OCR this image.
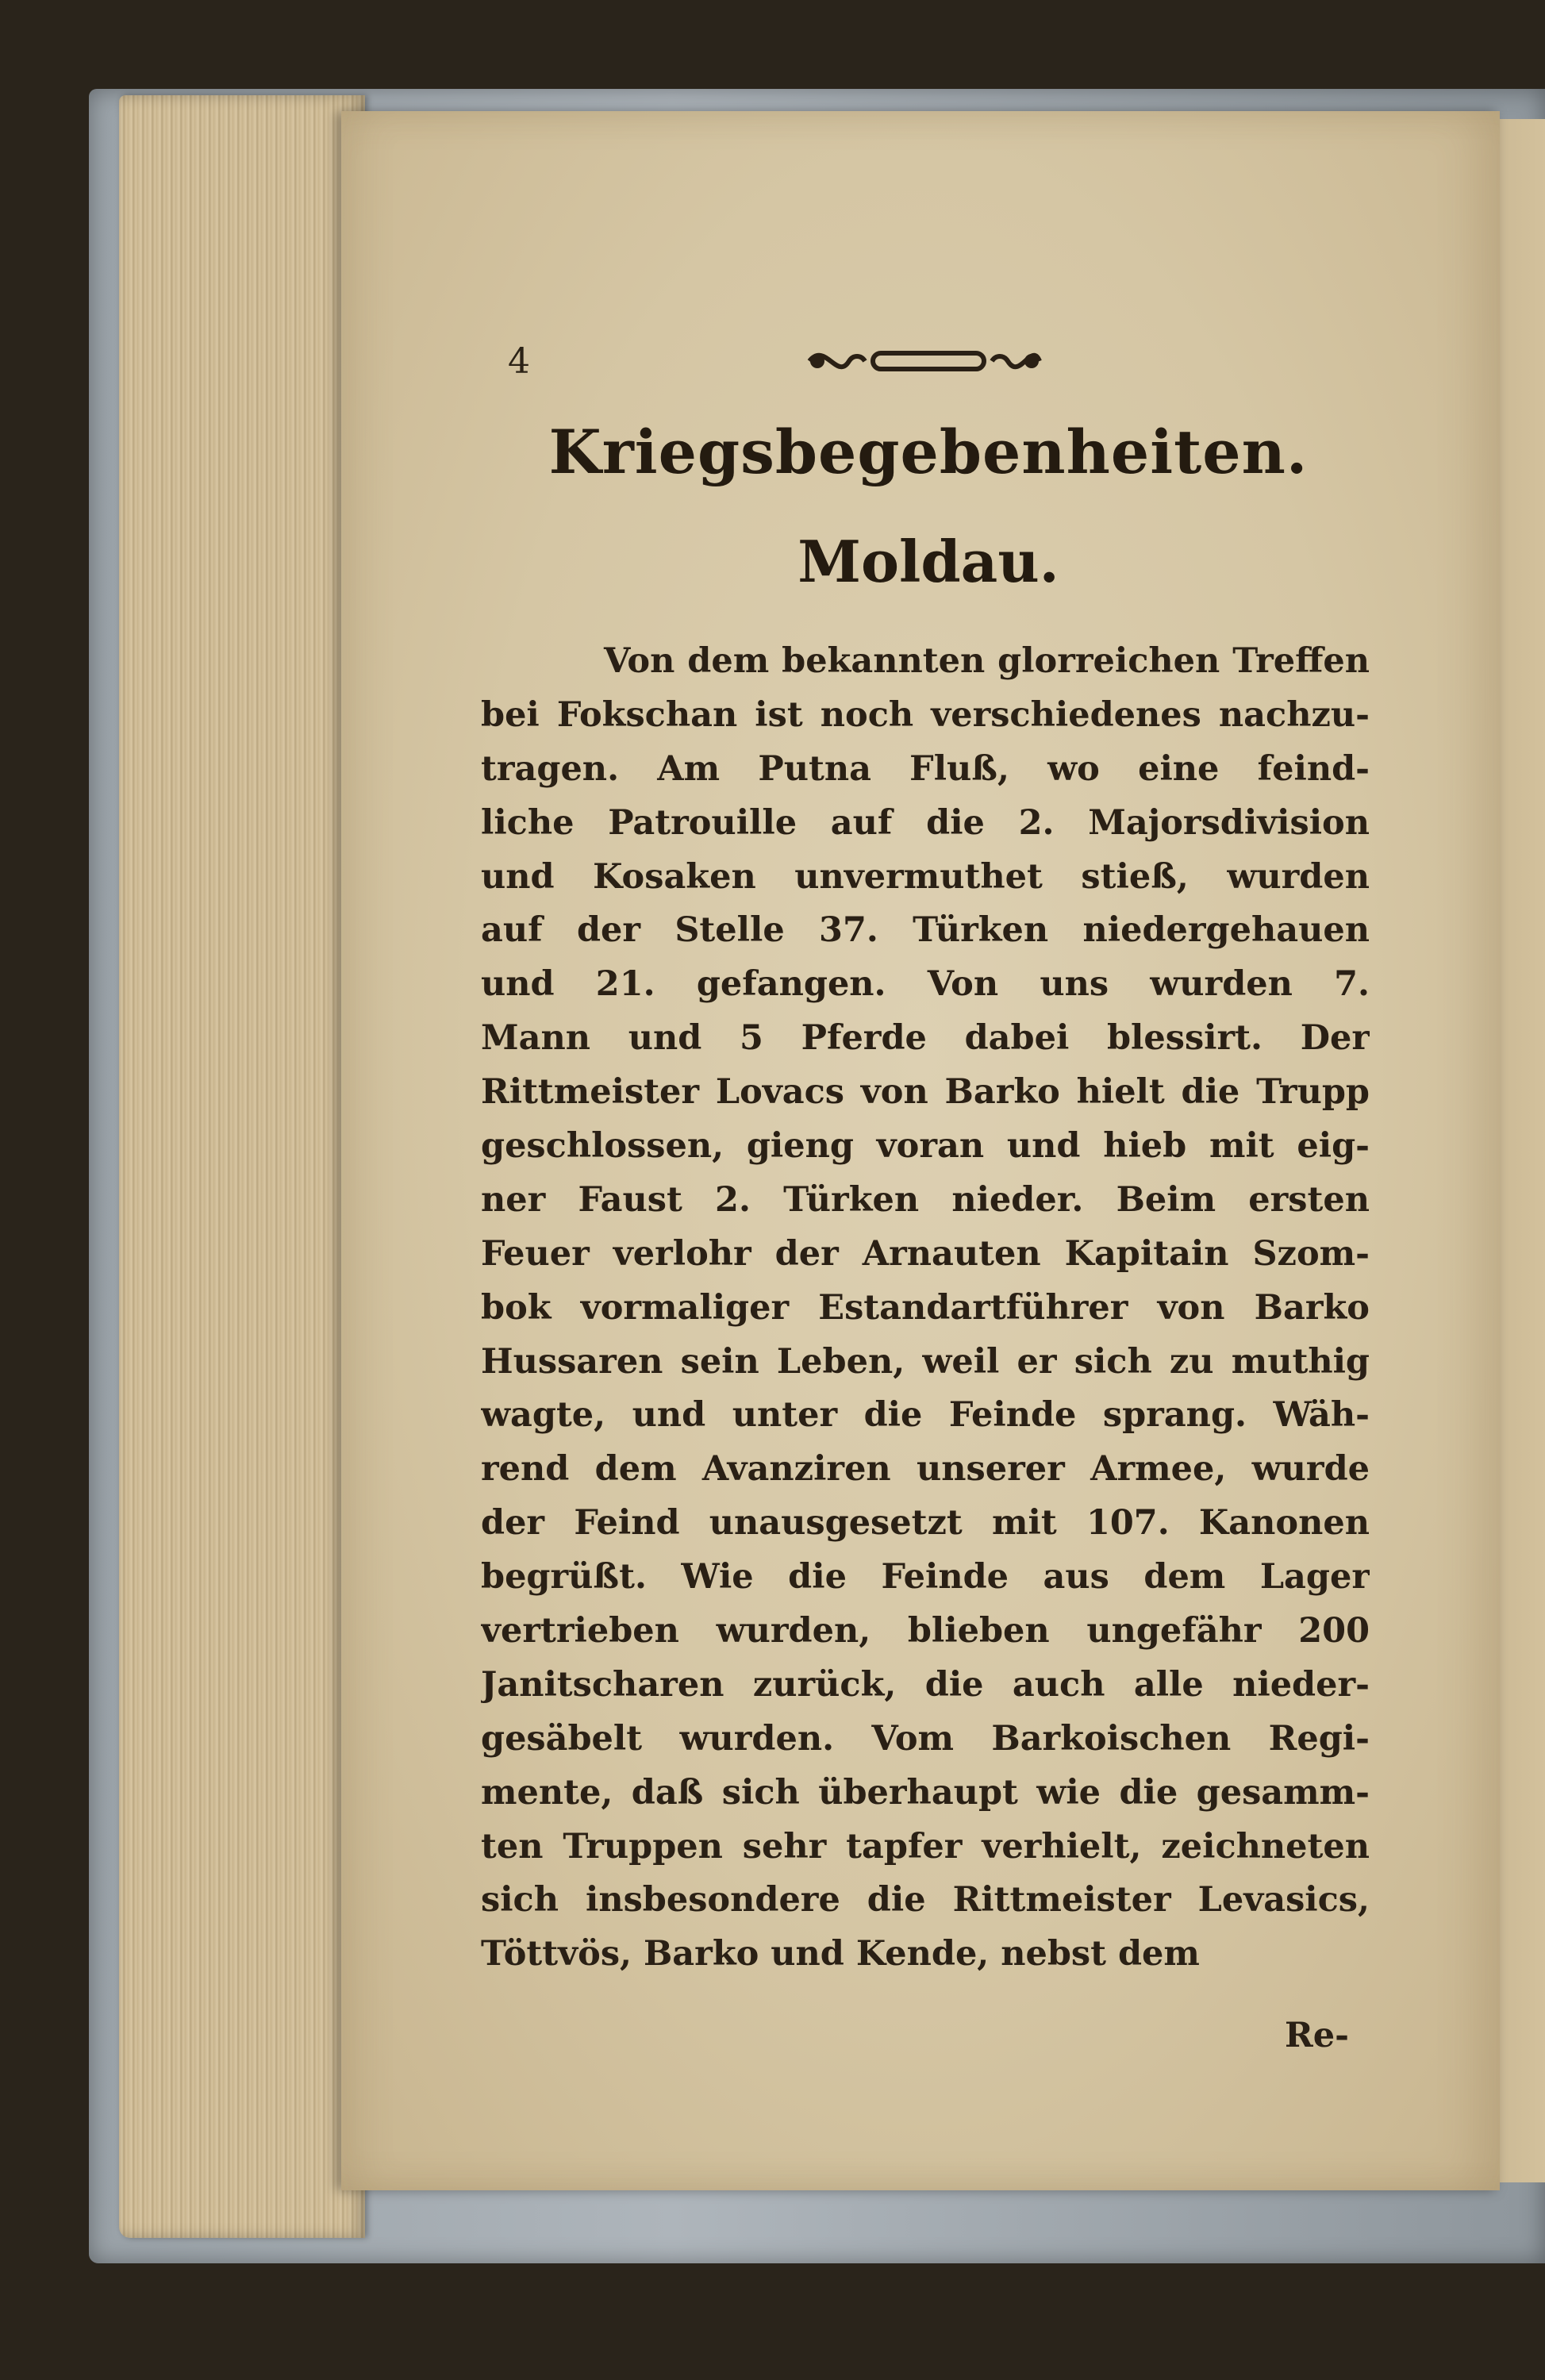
4
Kriegsbegebenheiten.
Moldau.
Von dem bekannten glorreichen Treffen
bei Fokschan ist noch verschiedenes nachzu-
tragen. Am Putna Fluß, wo eine feind-
liche Patrouille auf die 2. Majorsdivision
und Kosaken unvermuthet stieß, wurden
auf der Stelle 37. Türken niedergehauen
und 21. gefangen. Von uns wurden 7.
Mann und 5 Pferde dabei blessirt. Der
Rittmeister Lovacs von Barko hielt die Trupp
geschlossen, gieng voran und hieb mit eig-
ner Faust 2. Türken nieder. Beim ersten
Feuer verlohr der Arnauten Kapitain Szom-
bok vormaliger Estandartführer von Barko
Hussaren sein Leben, weil er sich zu muthig
wagte, und unter die Feinde sprang. Wäh-
rend dem Avanziren unserer Armee, wurde
der Feind unausgesetzt mit 107. Kanonen
begrüßt. Wie die Feinde aus dem Lager
vertrieben wurden, blieben ungefähr 200
Janitscharen zurück, die auch alle nieder-
gesäbelt wurden. Vom Barkoischen Regi-
mente, daß sich überhaupt wie die gesamm-
ten Truppen sehr tapfer verhielt, zeichneten
sich insbesondere die Rittmeister Levasics,
Töttvös, Barko und Kende, nebst dem
Re-
